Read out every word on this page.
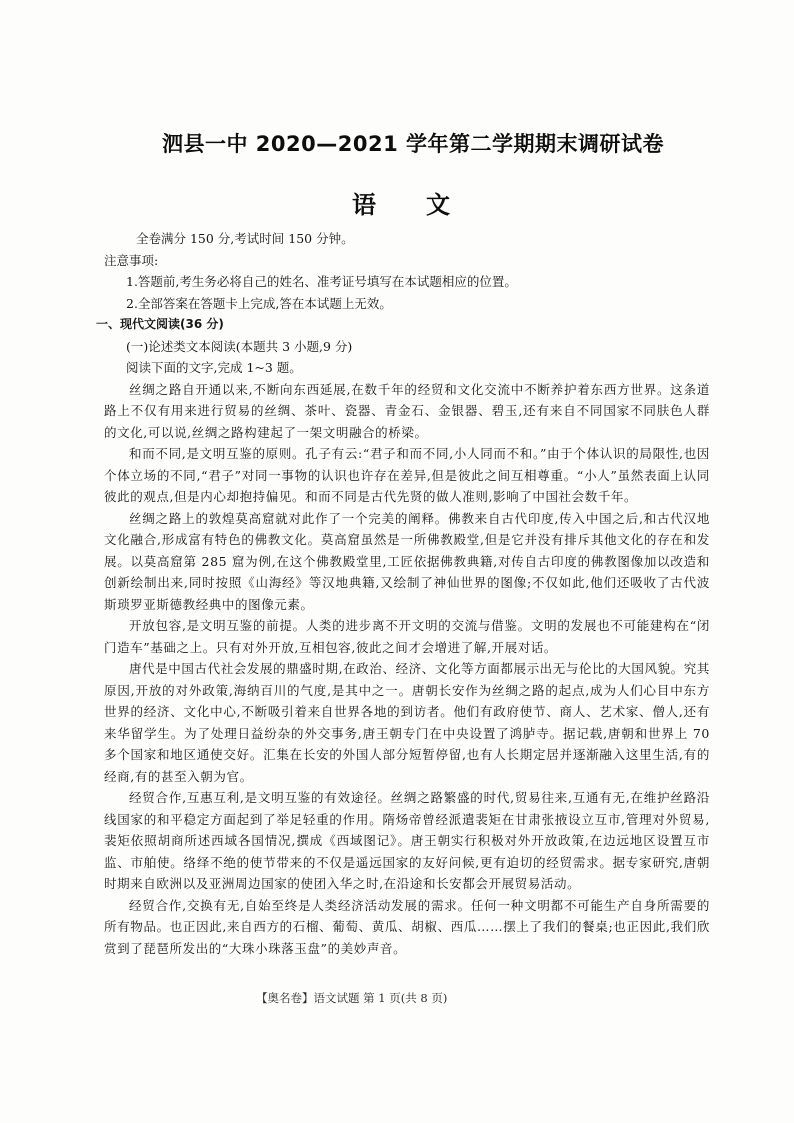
泗县一中 2020—2021 学年第二学期期末调研试卷
语文
全卷满分 150 分,考试时间 150 分钟。
注意事项:
1.答题前,考生务必将自己的姓名、准考证号填写在本试题相应的位置。
2.全部答案在答题卡上完成,答在本试题上无效。
一、现代文阅读(36 分)
(一)论述类文本阅读(本题共 3 小题,9 分)
阅读下面的文字,完成 1~3 题。
丝绸之路自开通以来,不断向东西延展,在数千年的经贸和文化交流中不断养护着东西方世界。这条道路上不仅有用来进行贸易的丝绸、茶叶、瓷器、青金石、金银器、碧玉,还有来自不同国家不同肤色人群的文化,可以说,丝绸之路构建起了一架文明融合的桥梁。
和而不同,是文明互鉴的原则。孔子有云:“君子和而不同,小人同而不和。”由于个体认识的局限性,也因个体立场的不同,“君子”对同一事物的认识也许存在差异,但是彼此之间互相尊重。“小人”虽然表面上认同彼此的观点,但是内心却抱持偏见。和而不同是古代先贤的做人准则,影响了中国社会数千年。
丝绸之路上的敦煌莫高窟就对此作了一个完美的阐释。佛教来自古代印度,传入中国之后,和古代汉地文化融合,形成富有特色的佛教文化。莫高窟虽然是一所佛教殿堂,但是它并没有排斥其他文化的存在和发展。以莫高窟第 285 窟为例,在这个佛教殿堂里,工匠依据佛教典籍,对传自古印度的佛教图像加以改造和创新绘制出来,同时按照《山海经》等汉地典籍,又绘制了神仙世界的图像;不仅如此,他们还吸收了古代波斯琐罗亚斯德教经典中的图像元素。
开放包容,是文明互鉴的前提。人类的进步离不开文明的交流与借鉴。文明的发展也不可能建构在“闭门造车”基础之上。只有对外开放,互相包容,彼此之间才会增进了解,开展对话。
唐代是中国古代社会发展的鼎盛时期,在政治、经济、文化等方面都展示出无与伦比的大国风貌。究其原因,开放的对外政策,海纳百川的气度,是其中之一。唐朝长安作为丝绸之路的起点,成为人们心目中东方世界的经济、文化中心,不断吸引着来自世界各地的到访者。他们有政府使节、商人、艺术家、僧人,还有来华留学生。为了处理日益纷杂的外交事务,唐王朝专门在中央设置了鸿胪寺。据记载,唐朝和世界上 70 多个国家和地区通使交好。汇集在长安的外国人部分短暂停留,也有人长期定居并逐渐融入这里生活,有的经商,有的甚至入朝为官。
经贸合作,互惠互利,是文明互鉴的有效途径。丝绸之路繁盛的时代,贸易往来,互通有无,在维护丝路沿线国家的和平稳定方面起到了举足轻重的作用。隋炀帝曾经派遣裴矩在甘肃张掖设立互市,管理对外贸易,裴矩依照胡商所述西域各国情况,撰成《西域图记》。唐王朝实行积极对外开放政策,在边远地区设置互市监、市舶使。络绎不绝的使节带来的不仅是遥远国家的友好问候,更有迫切的经贸需求。据专家研究,唐朝时期来自欧洲以及亚洲周边国家的使团入华之时,在沿途和长安都会开展贸易活动。
经贸合作,交换有无,自始至终是人类经济活动发展的需求。任何一种文明都不可能生产自身所需要的所有物品。也正因此,来自西方的石榴、葡萄、黄瓜、胡椒、西瓜……摆上了我们的餐桌;也正因此,我们欣赏到了琵琶所发出的“大珠小珠落玉盘”的美妙声音。
【奥名卷】语文试题 第 1 页(共 8 页)
